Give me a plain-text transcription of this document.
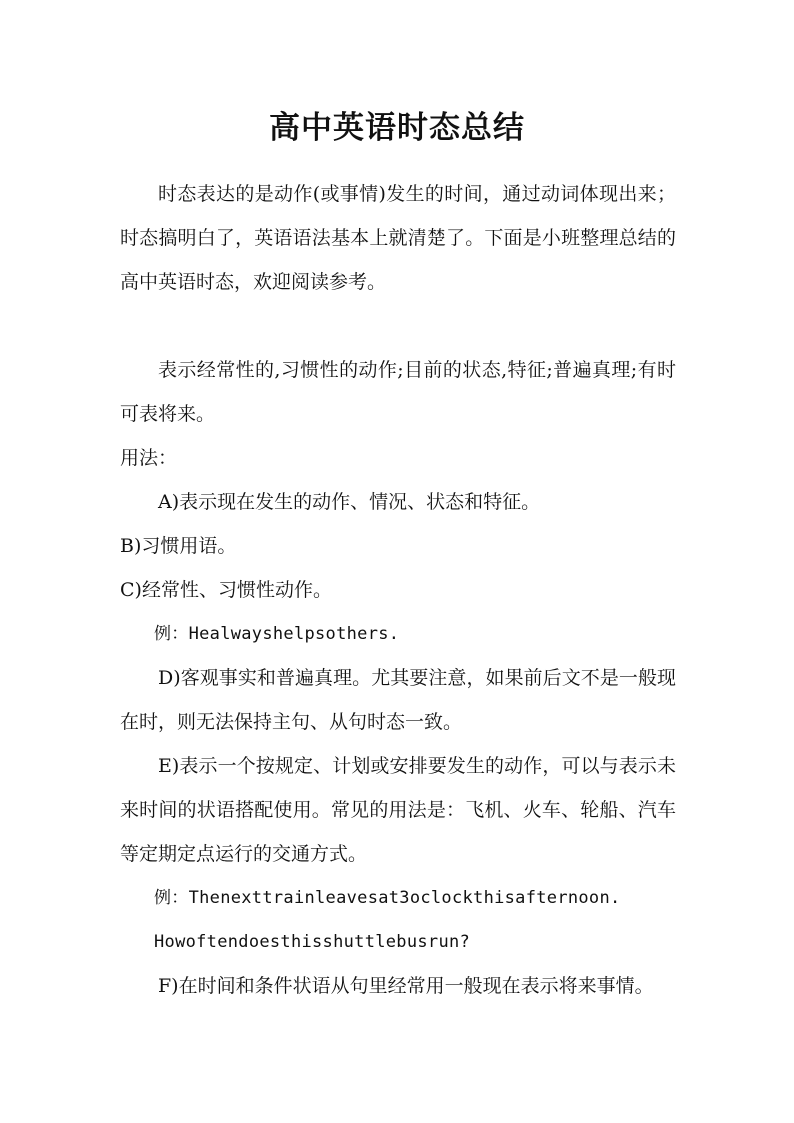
高中英语时态总结

时态表达的是动作(或事情)发生的时间，通过动词体现出来；时态搞明白了，英语语法基本上就清楚了。下面是小班整理总结的高中英语时态，欢迎阅读参考。

表示经常性的,习惯性的动作;目前的状态,特征;普遍真理;有时可表将来。

用法：

A)表示现在发生的动作、情况、状态和特征。

B)习惯用语。

C)经常性、习惯性动作。

例：Healwayshelpsothers.

D)客观事实和普遍真理。尤其要注意，如果前后文不是一般现在时，则无法保持主句、从句时态一致。

E)表示一个按规定、计划或安排要发生的动作，可以与表示未来时间的状语搭配使用。常见的用法是：飞机、火车、轮船、汽车等定期定点运行的交通方式。

例：Thenexttrainleavesat3oclockthisafternoon.

Howoftendoesthisshuttlebusrun?

F)在时间和条件状语从句里经常用一般现在表示将来事情。
